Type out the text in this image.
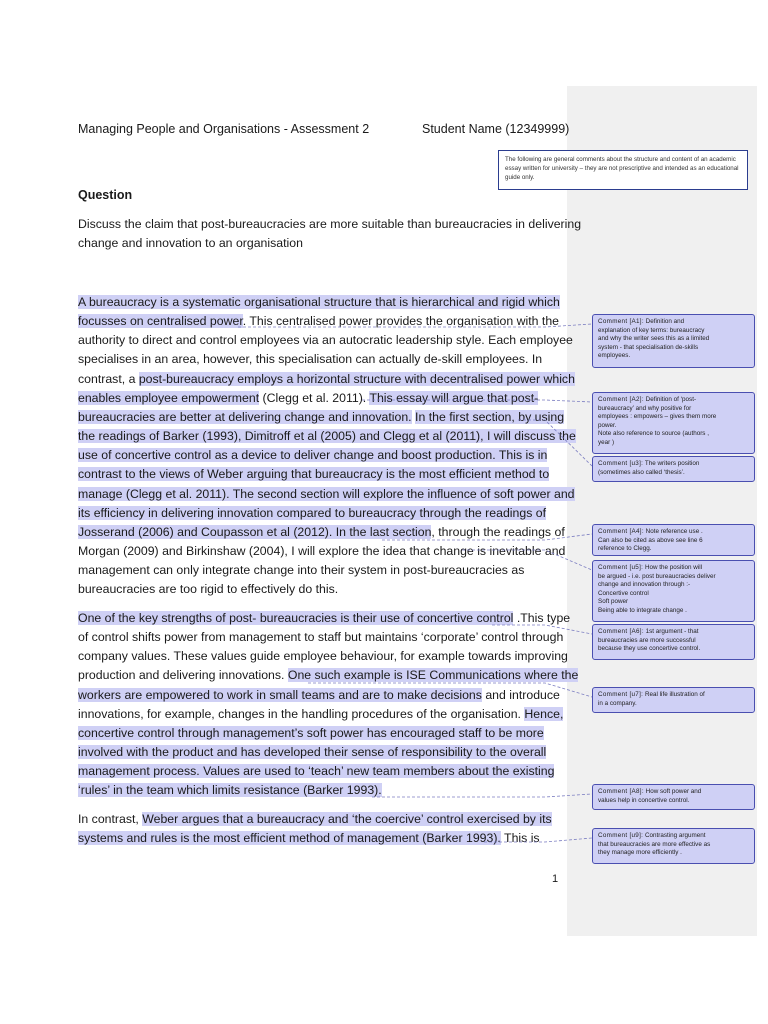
Managing People and Organisations - Assessment 2	Student Name (12349999)
The following are general comments about the structure and content of an academic essay written for university – they are not prescriptive and intended as an educational guide only.
Question
Discuss the claim that post-bureaucracies are more suitable than bureaucracies in delivering
change and innovation to an organisation
A bureaucracy is a systematic organisational structure that is hierarchical and rigid which
focusses on centralised power. This centralised power provides the organisation with the
authority to direct and control employees via an autocratic leadership style. Each employee
specialises in an area, however, this specialisation can actually de-skill employees. In
contrast, a post-bureaucracy employs a horizontal structure with decentralised power which
enables employee empowerment (Clegg et al. 2011). This essay will argue that post-
bureaucracies are better at delivering change and innovation. In the first section, by using
the readings of Barker (1993), Dimitroff et al (2005) and Clegg et al (2011), I will discuss the
use of concertive control as a device to deliver change and boost production. This is in
contrast to the views of Weber arguing that bureaucracy is the most efficient method to
manage (Clegg et al. 2011). The second section will explore the influence of soft power and
its efficiency in delivering innovation compared to bureaucracy through the readings of
Josserand (2006) and Coupasson et al (2012). In the last section, through the readings of
Morgan (2009) and Birkinshaw (2004), I will explore the idea that change is inevitable and
management can only integrate change into their system in post-bureaucracies as
bureaucracies are too rigid to effectively do this.
One of the key strengths of post- bureaucracies is their use of concertive control .This type
of control shifts power from management to staff but maintains ‘corporate’ control through
company values. These values guide employee behaviour, for example towards improving
production and delivering innovations. One such example is ISE Communications where the
workers are empowered to work in small teams and are to make decisions and introduce
innovations, for example, changes in the handling procedures of the organisation. Hence,
concertive control through management’s soft power has encouraged staff to be more
involved with the product and has developed their sense of responsibility to the overall
management process. Values are used to ‘teach’ new team members about the existing
‘rules’ in the team which limits resistance (Barker 1993).
In contrast, Weber argues that a bureaucracy and ‘the coercive’ control exercised by its
systems and rules is the most efficient method of management (Barker 1993). This is
Comment [A1]: Definition and
explanation of key terms: bureaucracy
and why the writer sees this as a limited
system - that specialisation de-skills
employees.
Comment [A2]: Definition of ‘post-
bureaucracy’ and why positive for
employees : empowers – gives them more
power.
Note also reference to source (authors ,
year )
Comment [u3]: The writers position
(sometimes also called ‘thesis’.
Comment [A4]: Note reference use .
Can also be cited as above see line 6
reference to Clegg.
Comment [u5]: How the position will
be argued - i.e. post bureaucracies deliver
change and innovation through :-
Concertive control
Soft power
Being able to integrate change .
Comment [A6]: 1st argument - that
bureaucracies are more successful
because they use concertive control.
Comment [u7]: Real life illustration of
in a company.
Comment [A8]: How soft power and
values help in concertive control.
Comment [u9]: Contrasting argument
that bureaucracies are more effective as
they manage more efficiently .
1
